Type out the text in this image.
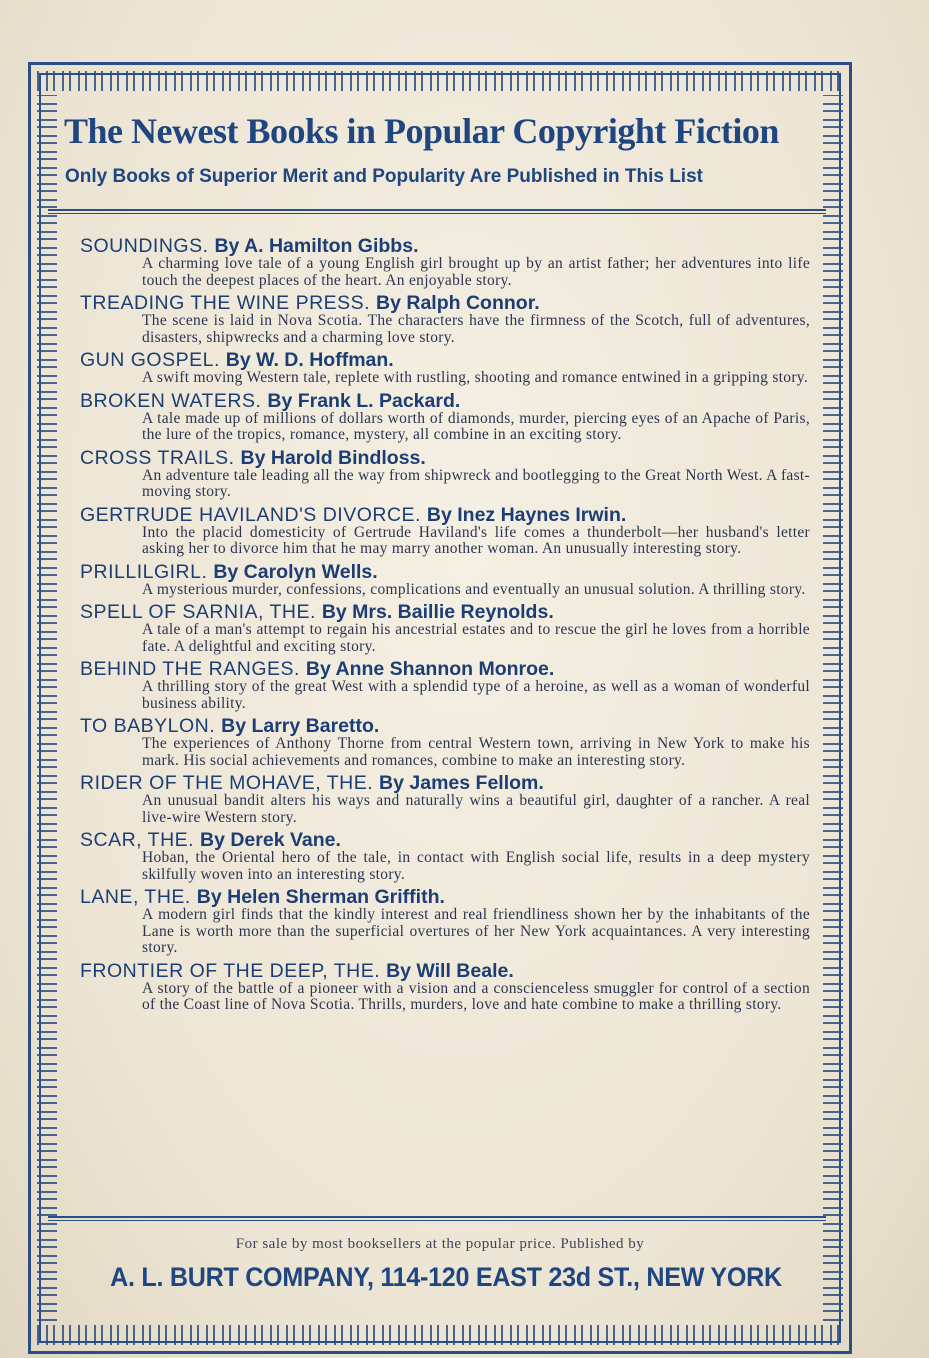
The Newest Books in Popular Copyright Fiction
Only Books of Superior Merit and Popularity Are Published in This List
SOUNDINGS. By A. Hamilton Gibbs.
A charming love tale of a young English girl brought up by an artist father; her adventures into life touch the deepest places of the heart. An enjoyable story.
TREADING THE WINE PRESS. By Ralph Connor.
The scene is laid in Nova Scotia. The characters have the firmness of the Scotch, full of adventures, disasters, shipwrecks and a charming love story.
GUN GOSPEL. By W. D. Hoffman.
A swift moving Western tale, replete with rustling, shooting and romance entwined in a gripping story.
BROKEN WATERS. By Frank L. Packard.
A tale made up of millions of dollars worth of diamonds, murder, piercing eyes of an Apache of Paris, the lure of the tropics, romance, mystery, all combine in an exciting story.
CROSS TRAILS. By Harold Bindloss.
An adventure tale leading all the way from shipwreck and bootlegging to the Great North West. A fast-moving story.
GERTRUDE HAVILAND'S DIVORCE. By Inez Haynes Irwin.
Into the placid domesticity of Gertrude Haviland's life comes a thunderbolt—her husband's letter asking her to divorce him that he may marry another woman. An unusually interesting story.
PRILLILGIRL. By Carolyn Wells.
A mysterious murder, confessions, complications and eventually an unusual solution. A thrilling story.
SPELL OF SARNIA, THE. By Mrs. Baillie Reynolds.
A tale of a man's attempt to regain his ancestrial estates and to rescue the girl he loves from a horrible fate. A delightful and exciting story.
BEHIND THE RANGES. By Anne Shannon Monroe.
A thrilling story of the great West with a splendid type of a heroine, as well as a woman of wonderful business ability.
TO BABYLON. By Larry Baretto.
The experiences of Anthony Thorne from central Western town, arriving in New York to make his mark. His social achievements and romances, combine to make an interesting story.
RIDER OF THE MOHAVE, THE. By James Fellom.
An unusual bandit alters his ways and naturally wins a beautiful girl, daughter of a rancher. A real live-wire Western story.
SCAR, THE. By Derek Vane.
Hoban, the Oriental hero of the tale, in contact with English social life, results in a deep mystery skilfully woven into an interesting story.
LANE, THE. By Helen Sherman Griffith.
A modern girl finds that the kindly interest and real friendliness shown her by the inhabitants of the Lane is worth more than the superficial overtures of her New York acquaintances. A very interesting story.
FRONTIER OF THE DEEP, THE. By Will Beale.
A story of the battle of a pioneer with a vision and a conscienceless smuggler for control of a section of the Coast line of Nova Scotia. Thrills, murders, love and hate combine to make a thrilling story.
For sale by most booksellers at the popular price. Published by
A. L. BURT COMPANY, 114-120 EAST 23d ST., NEW YORK
